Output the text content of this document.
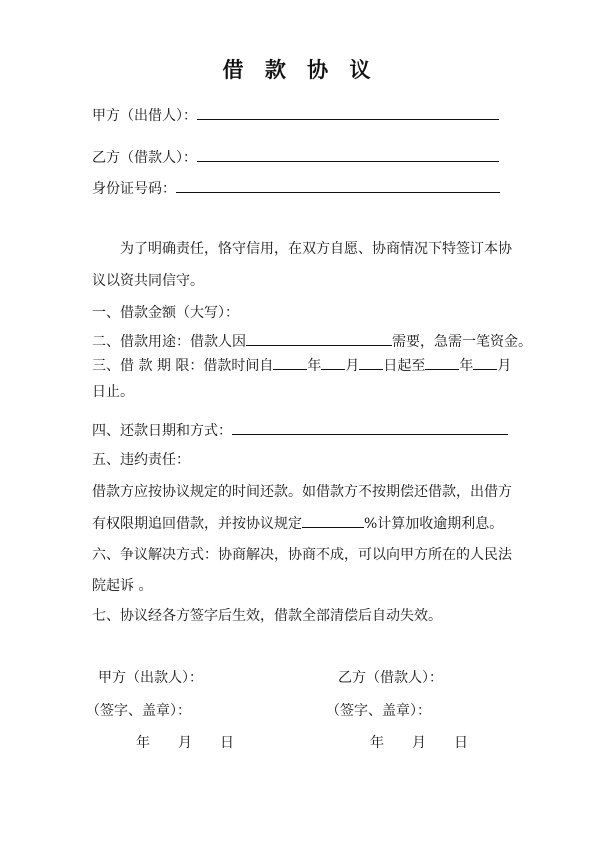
借 款 协 议
甲方（出借人）：
乙方（借款人）：
身份证号码：
为了明确责任，恪守信用，在双方自愿、协商情况下特签订本协
议以资共同信守。
一、借款金额（大写）：
二、借款用途：借款人因	需要，急需一笔资金。
三、借 款 期 限：借款时间自 年 月 日起至 年 月
日止。
四、还款日期和方式：
五、违约责任：
借款方应按协议规定的时间还款。如借款方不按期偿还借款，出借方
有权限期追回借款，并按协议规定	%计算加收逾期利息。
六、争议解决方式：协商解决，协商不成，可以向甲方所在的人民法
院起诉 。
七、协议经各方签字后生效，借款全部清偿后自动失效。
甲方（出款人）：	乙方（借款人）：
（签字、盖章）：	（签字、盖章）：
年　　月　　日	年　　月　　日
